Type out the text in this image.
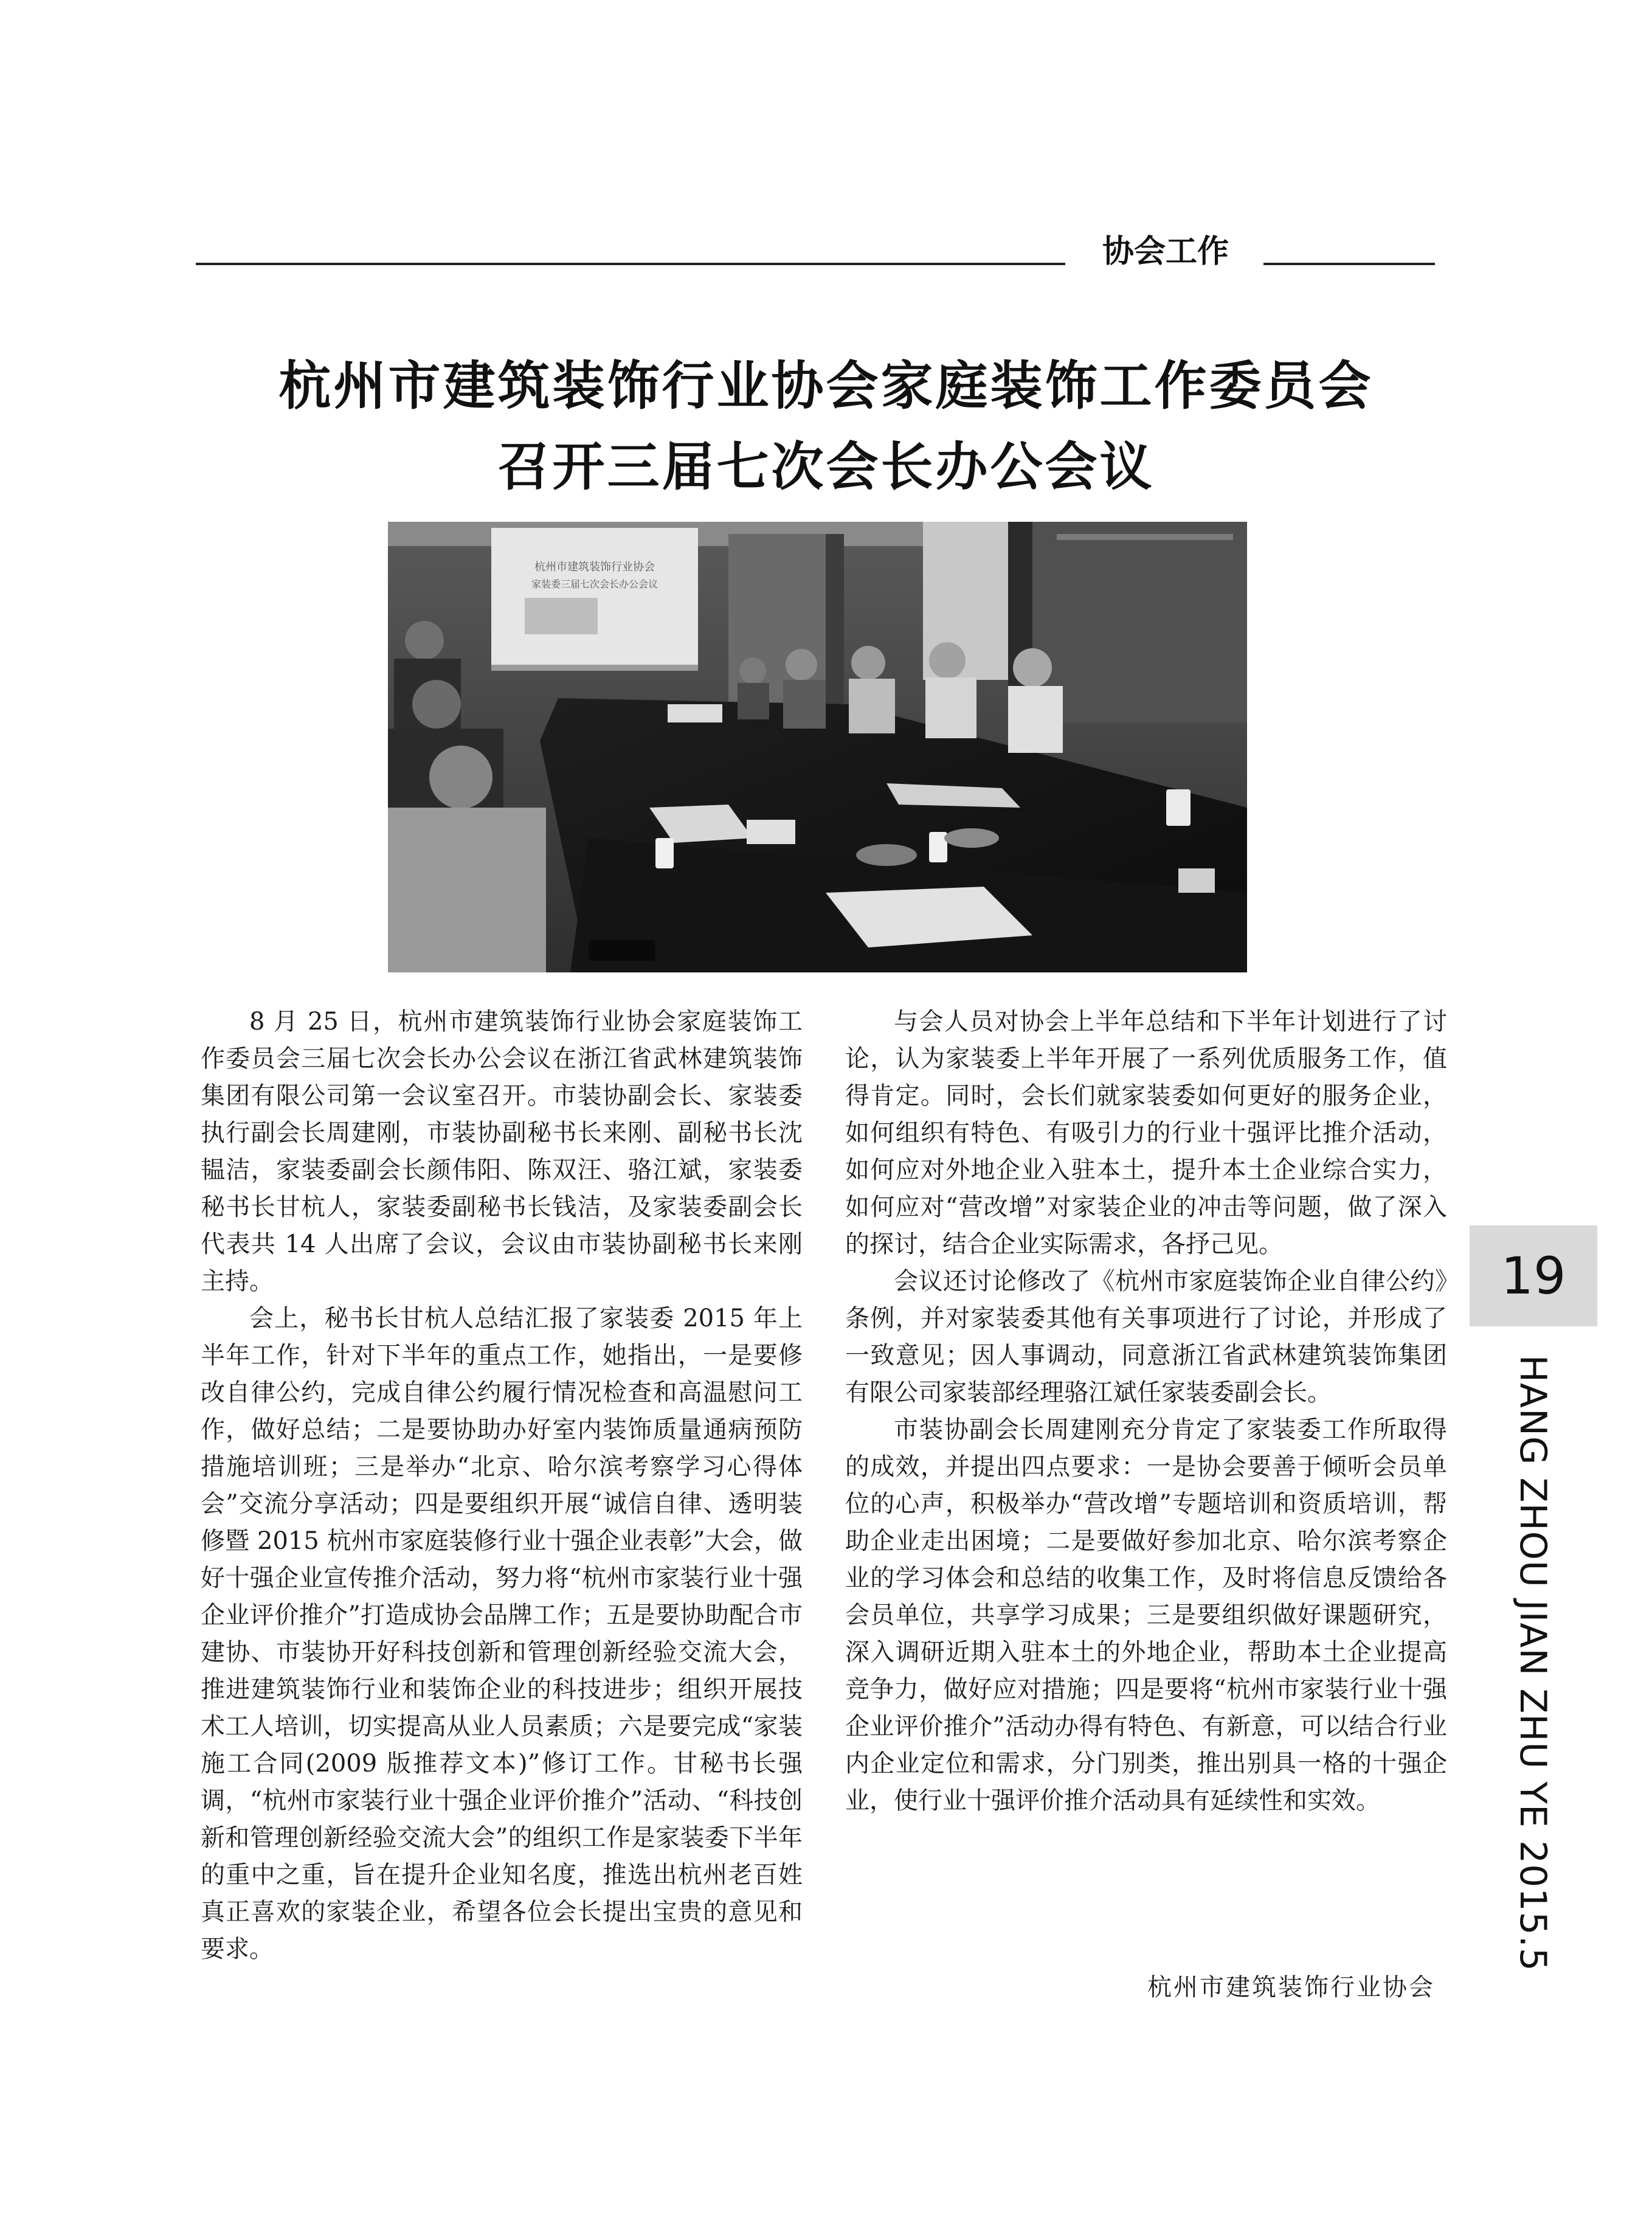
协会工作
杭州市建筑装饰行业协会家庭装饰工作委员会
召开三届七次会长办公会议
杭州市建筑装饰行业协会
家装委三届七次会长办公会议

8 月 25 日，杭州市建筑装饰行业协会家庭装饰工作委员会三届七次会长办公会议在浙江省武林建筑装饰集团有限公司第一会议室召开。市装协副会长、家装委执行副会长周建刚，市装协副秘书长来刚、副秘书长沈韫洁，家装委副会长颜伟阳、陈双汪、骆江斌，家装委秘书长甘杭人，家装委副秘书长钱洁，及家装委副会长代表共 14 人出席了会议，会议由市装协副秘书长来刚主持。

会上，秘书长甘杭人总结汇报了家装委 2015 年上半年工作，针对下半年的重点工作，她指出，一是要修改自律公约，完成自律公约履行情况检查和高温慰问工作，做好总结；二是要协助办好室内装饰质量通病预防措施培训班；三是举办“北京、哈尔滨考察学习心得体会”交流分享活动；四是要组织开展“诚信自律、透明装修暨 2015 杭州市家庭装修行业十强企业表彰”大会，做好十强企业宣传推介活动，努力将“杭州市家装行业十强企业评价推介”打造成协会品牌工作；五是要协助配合市建协、市装协开好科技创新和管理创新经验交流大会，推进建筑装饰行业和装饰企业的科技进步；组织开展技术工人培训，切实提高从业人员素质；六是要完成“家装施工合同(2009 版推荐文本)”修订工作。甘秘书长强调，“杭州市家装行业十强企业评价推介”活动、“科技创新和管理创新经验交流大会”的组织工作是家装委下半年的重中之重，旨在提升企业知名度，推选出杭州老百姓真正喜欢的家装企业，希望各位会长提出宝贵的意见和要求。

与会人员对协会上半年总结和下半年计划进行了讨论，认为家装委上半年开展了一系列优质服务工作，值得肯定。同时，会长们就家装委如何更好的服务企业，如何组织有特色、有吸引力的行业十强评比推介活动，如何应对外地企业入驻本土，提升本土企业综合实力，如何应对“营改增”对家装企业的冲击等问题，做了深入的探讨，结合企业实际需求，各抒己见。

会议还讨论修改了《杭州市家庭装饰企业自律公约》条例，并对家装委其他有关事项进行了讨论，并形成了一致意见；因人事调动，同意浙江省武林建筑装饰集团有限公司家装部经理骆江斌任家装委副会长。

市装协副会长周建刚充分肯定了家装委工作所取得的成效，并提出四点要求：一是协会要善于倾听会员单位的心声，积极举办“营改增”专题培训和资质培训，帮助企业走出困境；二是要做好参加北京、哈尔滨考察企业的学习体会和总结的收集工作，及时将信息反馈给各会员单位，共享学习成果；三是要组织做好课题研究，深入调研近期入驻本土的外地企业，帮助本土企业提高竞争力，做好应对措施；四是要将“杭州市家装行业十强企业评价推介”活动办得有特色、有新意，可以结合行业内企业定位和需求，分门别类，推出别具一格的十强企业，使行业十强评价推介活动具有延续性和实效。

杭州市建筑装饰行业协会
19
HANG ZHOU JIAN ZHU YE 2015.5
